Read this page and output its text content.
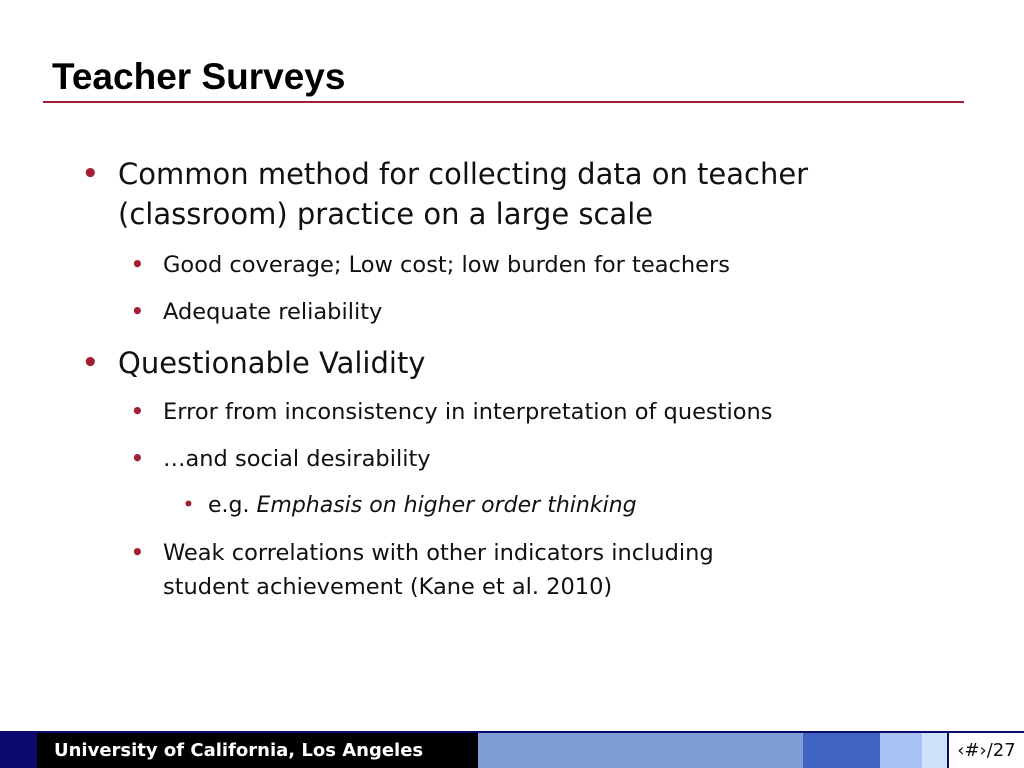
Teacher Surveys
• Common method for collecting data on teacher
(classroom) practice on a large scale
• Good coverage; Low cost; low burden for teachers
• Adequate reliability
• Questionable Validity
• Error from inconsistency in interpretation of questions
• …and social desirability
• e.g. Emphasis on higher order thinking
• Weak correlations with other indicators including
student achievement (Kane et al. 2010)
University of California, Los Angeles	‹#›/27
